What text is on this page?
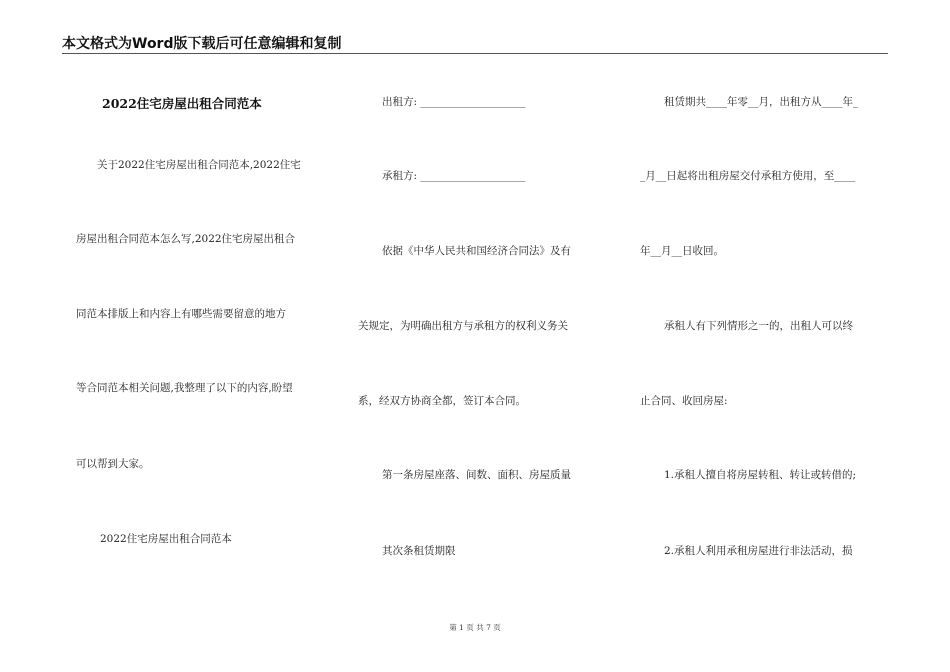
本文格式为Word版下载后可任意编辑和复制
2022住宅房屋出租合同范本
关于2022住宅房屋出租合同范本,2022住宅
房屋出租合同范本怎么写,2022住宅房屋出租合
同范本排版上和内容上有哪些需要留意的地方
等合同范本相关问题,我整理了以下的内容,盼望
可以帮到大家。
2022住宅房屋出租合同范本
出租方: ____________________
承租方: ____________________
依据《中华人民共和国经济合同法》及有
关规定，为明确出租方与承租方的权利义务关
系，经双方协商全都，签订本合同。
第一条房屋座落、间数、面积、房屋质量
其次条租赁期限
租赁期共____年零__月，出租方从____年_
_月__日起将出租房屋交付承租方使用，至____
年__月__日收回。
承租人有下列情形之一的，出租人可以终
止合同、收回房屋:
1.承租人擅自将房屋转租、转让或转借的;
2.承租人利用承租房屋进行非法活动，损
第 1 页 共 7 页
